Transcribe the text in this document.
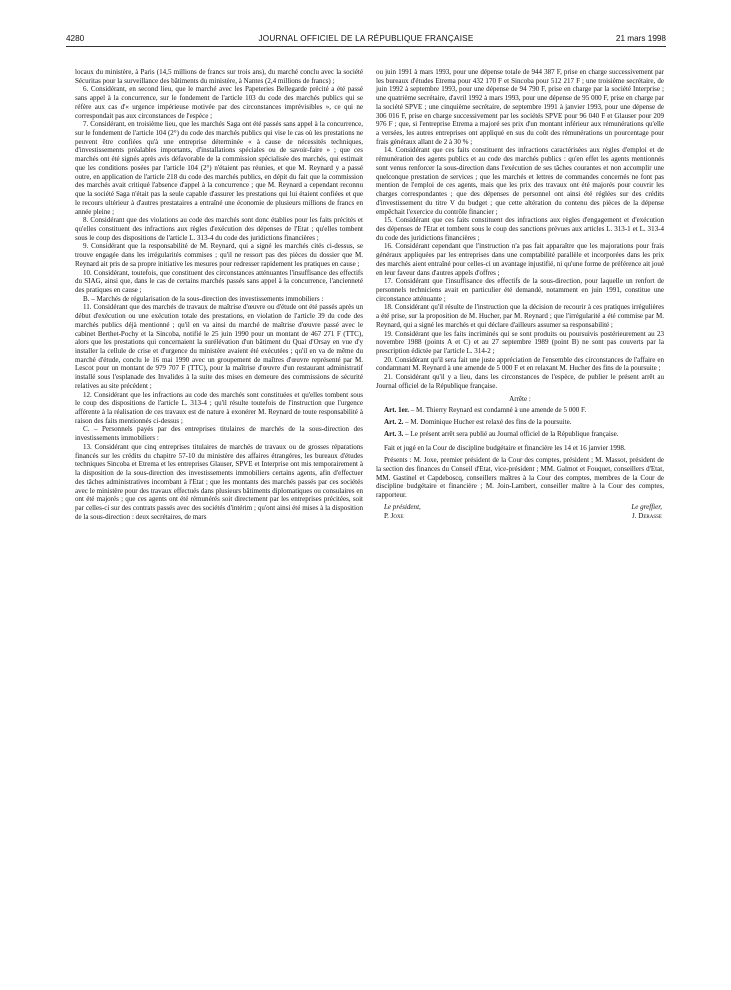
4280	JOURNAL OFFICIEL DE LA RÉPUBLIQUE FRANÇAISE	21 mars 1998

locaux du ministère, à Paris (14,5 millions de francs sur trois ans), du marché conclu avec la société Sécuritas pour la surveillance des bâtiments du ministère, à Nantes (2,4 millions de francs) ;

6. Considérant, en second lieu, que le marché avec les Papeteries Bellegarde précité a été passé sans appel à la concurrence, sur le fondement de l'article 103 du code des marchés publics qui se réfère aux cas d'« urgence impérieuse motivée par des circonstances imprévisibles », ce qui ne correspondait pas aux circonstances de l'espèce ;

7. Considérant, en troisième lieu, que les marchés Saga ont été passés sans appel à la concurrence, sur le fondement de l'article 104 (2°) du code des marchés publics qui vise le cas où les prestations ne peuvent être confiées qu'à une entreprise déterminée « à cause de nécessités techniques, d'investissements préalables importants, d'installations spéciales ou de savoir-faire » ; que ces marchés ont été signés après avis défavorable de la commission spécialisée des marchés, qui estimait que les conditions posées par l'article 104 (2°) n'étaient pas réunies, et que M. Reynard y a passé outre, en application de l'article 218 du code des marchés publics, en dépit du fait que la commission des marchés avait critiqué l'absence d'appel à la concurrence ; que M. Reynard a cependant reconnu que la société Saga n'était pas la seule capable d'assurer les prestations qui lui étaient confiées et que le recours ultérieur à d'autres prestataires a entraîné une économie de plusieurs millions de francs en année pleine ;

8. Considérant que des violations au code des marchés sont donc établies pour les faits précités et qu'elles constituent des infractions aux règles d'exécution des dépenses de l'Etat ; qu'elles tombent sous le coup des dispositions de l'article L. 313-4 du code des juridictions financières ;

9. Considérant que la responsabilité de M. Reynard, qui a signé les marchés cités ci-dessus, se trouve engagée dans les irrégularités commises ; qu'il ne ressort pas des pièces du dossier que M. Reynard ait pris de sa propre initiative les mesures pour redresser rapidement les pratiques en cause ;

10. Considérant, toutefois, que constituent des circonstances atténuantes l'insuffisance des effectifs du SIAG, ainsi que, dans le cas de certains marchés passés sans appel à la concurrence, l'ancienneté des pratiques en cause ;

B. – Marchés de régularisation de la sous-direction des investissements immobiliers :

11. Considérant que des marchés de travaux de maîtrise d'œuvre ou d'étude ont été passés après un début d'exécution ou une exécution totale des prestations, en violation de l'article 39 du code des marchés publics déjà mentionné ; qu'il en va ainsi du marché de maîtrise d'œuvre passé avec le cabinet Berthet-Pochy et la Sincoba, notifié le 25 juin 1990 pour un montant de 467 271 F (TTC), alors que les prestations qui concernaient la surélévation d'un bâtiment du Quai d'Orsay en vue d'y installer la cellule de crise et d'urgence du ministère avaient été exécutées ; qu'il en va de même du marché d'étude, conclu le 16 mai 1990 avec un groupement de maîtres d'œuvre représenté par M. Lescot pour un montant de 979 707 F (TTC), pour la maîtrise d'œuvre d'un restaurant administratif installé sous l'esplanade des Invalides à la suite des mises en demeure des commissions de sécurité relatives au site précédent ;

12. Considérant que les infractions au code des marchés sont constituées et qu'elles tombent sous le coup des dispositions de l'article L. 313-4 ; qu'il résulte toutefois de l'instruction que l'urgence afférente à la réalisation de ces travaux est de nature à exonérer M. Reynard de toute responsabilité à raison des faits mentionnés ci-dessus ;

C. – Personnels payés par des entreprises titulaires de marchés de la sous-direction des investissements immobiliers :

13. Considérant que cinq entreprises titulaires de marchés de travaux ou de grosses réparations financés sur les crédits du chapitre 57-10 du ministère des affaires étrangères, les bureaux d'études techniques Sincoba et Etrema et les entreprises Glauser, SPVE et Interprise ont mis temporairement à la disposition de la sous-direction des investissements immobiliers certains agents, afin d'effectuer des tâches administratives incombant à l'Etat ; que les montants des marchés passés par ces sociétés avec le ministère pour des travaux effectués dans plusieurs bâtiments diplomatiques ou consulaires en ont été majorés ; que ces agents ont été rémunérés soit directement par les entreprises précitées, soit par celles-ci sur des contrats passés avec des sociétés d'intérim ; qu'ont ainsi été mises à la disposition de la sous-direction : deux secrétaires, de mars

ou juin 1991 à mars 1993, pour une dépense totale de 944 387 F, prise en charge successivement par les bureaux d'études Etrema pour 432 170 F et Sincoba pour 512 217 F ; une troisième secrétaire, de juin 1992 à septembre 1993, pour une dépense de 94 790 F, prise en charge par la société Interprise ; une quatrième secrétaire, d'avril 1992 à mars 1993, pour une dépense de 95 000 F, prise en charge par la société SPVE ; une cinquième secrétaire, de septembre 1991 à janvier 1993, pour une dépense de 306 016 F, prise en charge successivement par les sociétés SPVE pour 96 040 F et Glauser pour 209 976 F ; que, si l'entreprise Etrema a majoré ses prix d'un montant inférieur aux rémunérations qu'elle a versées, les autres entreprises ont appliqué en sus du coût des rémunérations un pourcentage pour frais généraux allant de 2 à 30 % ;

14. Considérant que ces faits constituent des infractions caractérisées aux règles d'emploi et de rémunération des agents publics et au code des marchés publics : qu'en effet les agents mentionnés sont venus renforcer la sous-direction dans l'exécution de ses tâches courantes et non accomplir une quelconque prestation de services ; que les marchés et lettres de commandes concernés ne font pas mention de l'emploi de ces agents, mais que les prix des travaux ont été majorés pour couvrir les charges correspondantes ; que des dépenses de personnel ont ainsi été réglées sur des crédits d'investissement du titre V du budget ; que cette altération du contenu des pièces de la dépense empêchait l'exercice du contrôle financier ;

15. Considérant que ces faits constituent des infractions aux règles d'engagement et d'exécution des dépenses de l'Etat et tombent sous le coup des sanctions prévues aux articles L. 313-1 et L. 313-4 du code des juridictions financières ;

16. Considérant cependant que l'instruction n'a pas fait apparaître que les majorations pour frais généraux appliquées par les entreprises dans une comptabilité parallèle et incorporées dans les prix des marchés aient entraîné pour celles-ci un avantage injustifié, ni qu'une forme de préférence ait joué en leur faveur dans d'autres appels d'offres ;

17. Considérant que l'insuffisance des effectifs de la sous-direction, pour laquelle un renfort de personnels techniciens avait en particulier été demandé, notamment en juin 1991, constitue une circonstance atténuante ;

18. Considérant qu'il résulte de l'instruction que la décision de recourir à ces pratiques irrégulières a été prise, sur la proposition de M. Hucher, par M. Reynard ; que l'irrégularité a été commise par M. Reynard, qui a signé les marchés et qui déclare d'ailleurs assumer sa responsabilité ;

19. Considérant que les faits incriminés qui se sont produits ou poursuivis postérieurement au 23 novembre 1988 (points A et C) et au 27 septembre 1989 (point B) ne sont pas couverts par la prescription édictée par l'article L. 314-2 ;

20. Considérant qu'il sera fait une juste appréciation de l'ensemble des circonstances de l'affaire en condamnant M. Reynard à une amende de 5 000 F et en relaxant M. Hucher des fins de la poursuite ;

21. Considérant qu'il y a lieu, dans les circonstances de l'espèce, de publier le présent arrêt au Journal officiel de la République française.

Arrête :

Art. 1er. – M. Thierry Reynard est condamné à une amende de 5 000 F.

Art. 2. – M. Dominique Hucher est relaxé des fins de la poursuite.

Art. 3. – Le présent arrêt sera publié au Journal officiel de la République française.

Fait et jugé en la Cour de discipline budgétaire et financière les 14 et 16 janvier 1998.

Présents : M. Joxe, premier président de la Cour des comptes, président ; M. Massot, président de la section des finances du Conseil d'Etat, vice-président ; MM. Galmot et Fouquet, conseillers d'Etat, MM. Gastinel et Capdeboscq, conseillers maîtres à la Cour des comptes, membres de la Cour de discipline budgétaire et financière ; M. Join-Lambert, conseiller maître à la Cour des comptes, rapporteur.

Le président,	Le greffier,
P. Joxe	J. Derasse
